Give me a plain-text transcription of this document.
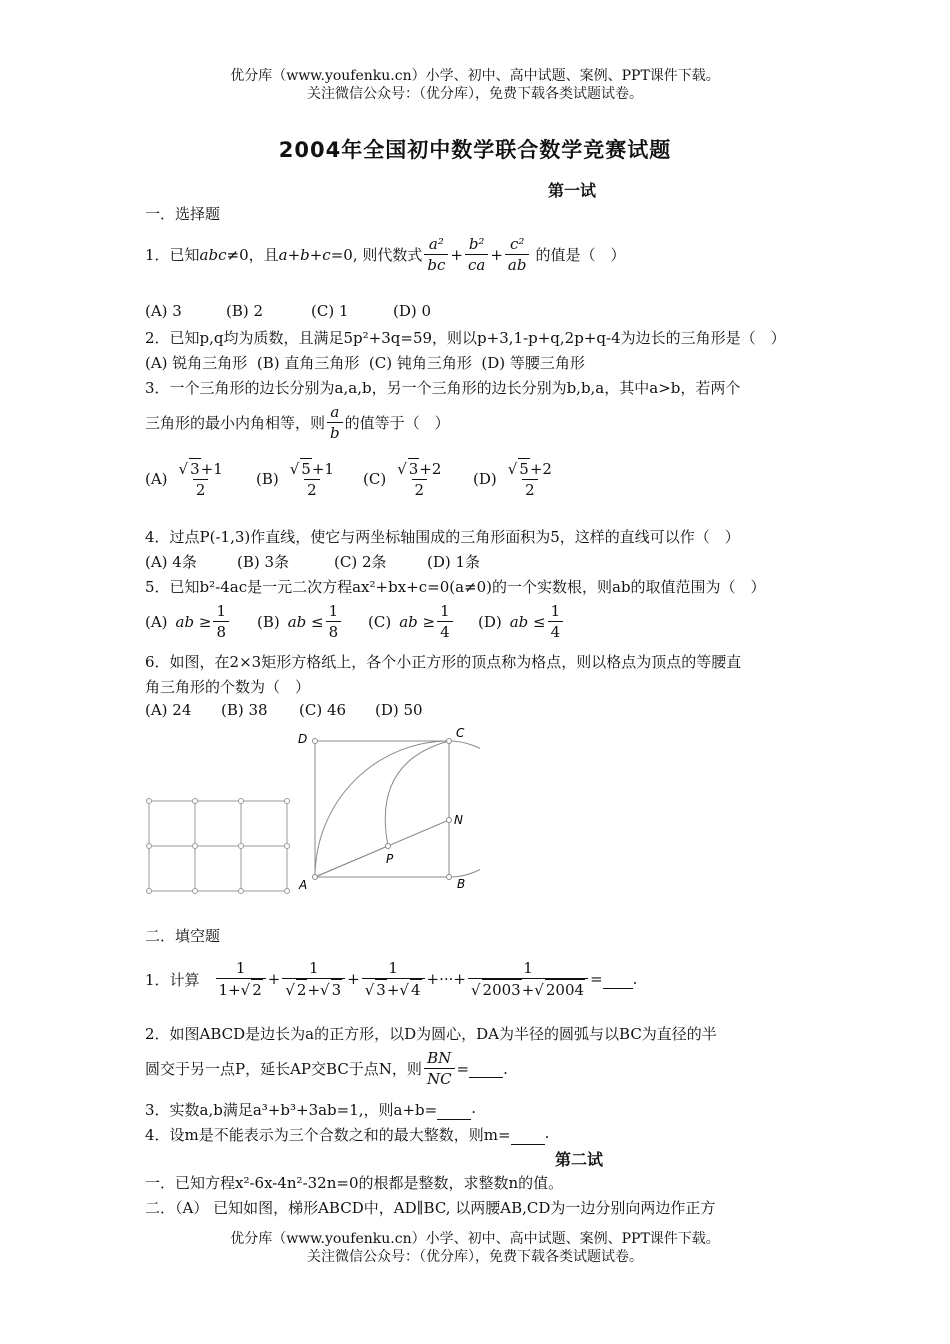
优分库（www.youfenku.cn）小学、初中、高中试题、案例、PPT课件下载。
关注微信公众号：（优分库），免费下载各类试题试卷。
2004年全国初中数学联合数学竞赛试题
第一试
一．选择题
1．已知 abc ≠0，且 a+b+c =0, 则代数式 $\frac{\text{a²}}{bc} + \frac{\text{b²}}{ca} + \frac{\text{c²}}{ab}$ 的值是（　）
(A) 3	(B) 2	(C) 1	(D) 0
2．已知p,q均为质数，且满足5p²+3q=59，则以p+3,1-p+q,2p+q-4为边长的三角形是（　）
(A) 锐角三角形  (B) 直角三角形  (C) 钝角三角形  (D) 等腰三角形
3．一个三角形的边长分别为a,a,b，另一个三角形的边长分别为b,b,a，其中a>b，若两个
三角形的最小内角相等，则 $\frac{a}{b}$ 的值等于（　）
$(A) \frac{√ 3+1}{2} (B) \frac{√ 5+1}{2} (C) \frac{√ 3+2}{2} (D) \frac{√ 5+2}{2}$
4．过点P(-1,3)作直线，使它与两坐标轴围成的三角形面积为5，这样的直线可以作（　）
(A) 4条	(B) 3条	(C) 2条	(D) 1条
5．已知b²-4ac是一元二次方程ax²+bx+c=0(a≠0)的一个实数根，则ab的取值范围为（　）
(A) ab ≥ $\frac{1}{8} (B)$ ab ≤ $\frac{1}{8} (C)$ ab ≥ $\frac{1}{4} (D)$ ab ≤ $\frac{1}{4}$
6．如图，在2×3矩形方格纸上，各个小正方形的顶点称为格点，则以格点为顶点的等腰直
角三角形的个数为（　）
(A) 24 (B) 38 (C) 46 (D) 50
D	C
N
P
A	B
二．填空题
1．计算 $\frac{1}{1+√ 2} + \frac{1}{√ 2+√ 3} + \frac{1}{√ 3+√ 4}$ +···+ $\frac{1}{√ 2003+√ 2004}$ = .
2．如图ABCD是边长为a的正方形，以D为圆心，DA为半径的圆弧与以BC为直径的半
圆交于另一点P，延长AP交BC于点N，则 $\frac{BN}{NC}$ = .
3．实数a,b满足a³+b³+3ab=1,，则a+b= .
4．设m是不能表示为三个合数之和的最大整数，则m= .
第二试
一．已知方程x²-6x-4n²-32n=0的根都是整数，求整数n的值。
二．（A） 已知如图，梯形ABCD中，AD∥BC, 以两腰AB,CD为一边分别向两边作正方
优分库（www.youfenku.cn）小学、初中、高中试题、案例、PPT课件下载。
关注微信公众号：（优分库），免费下载各类试题试卷。
